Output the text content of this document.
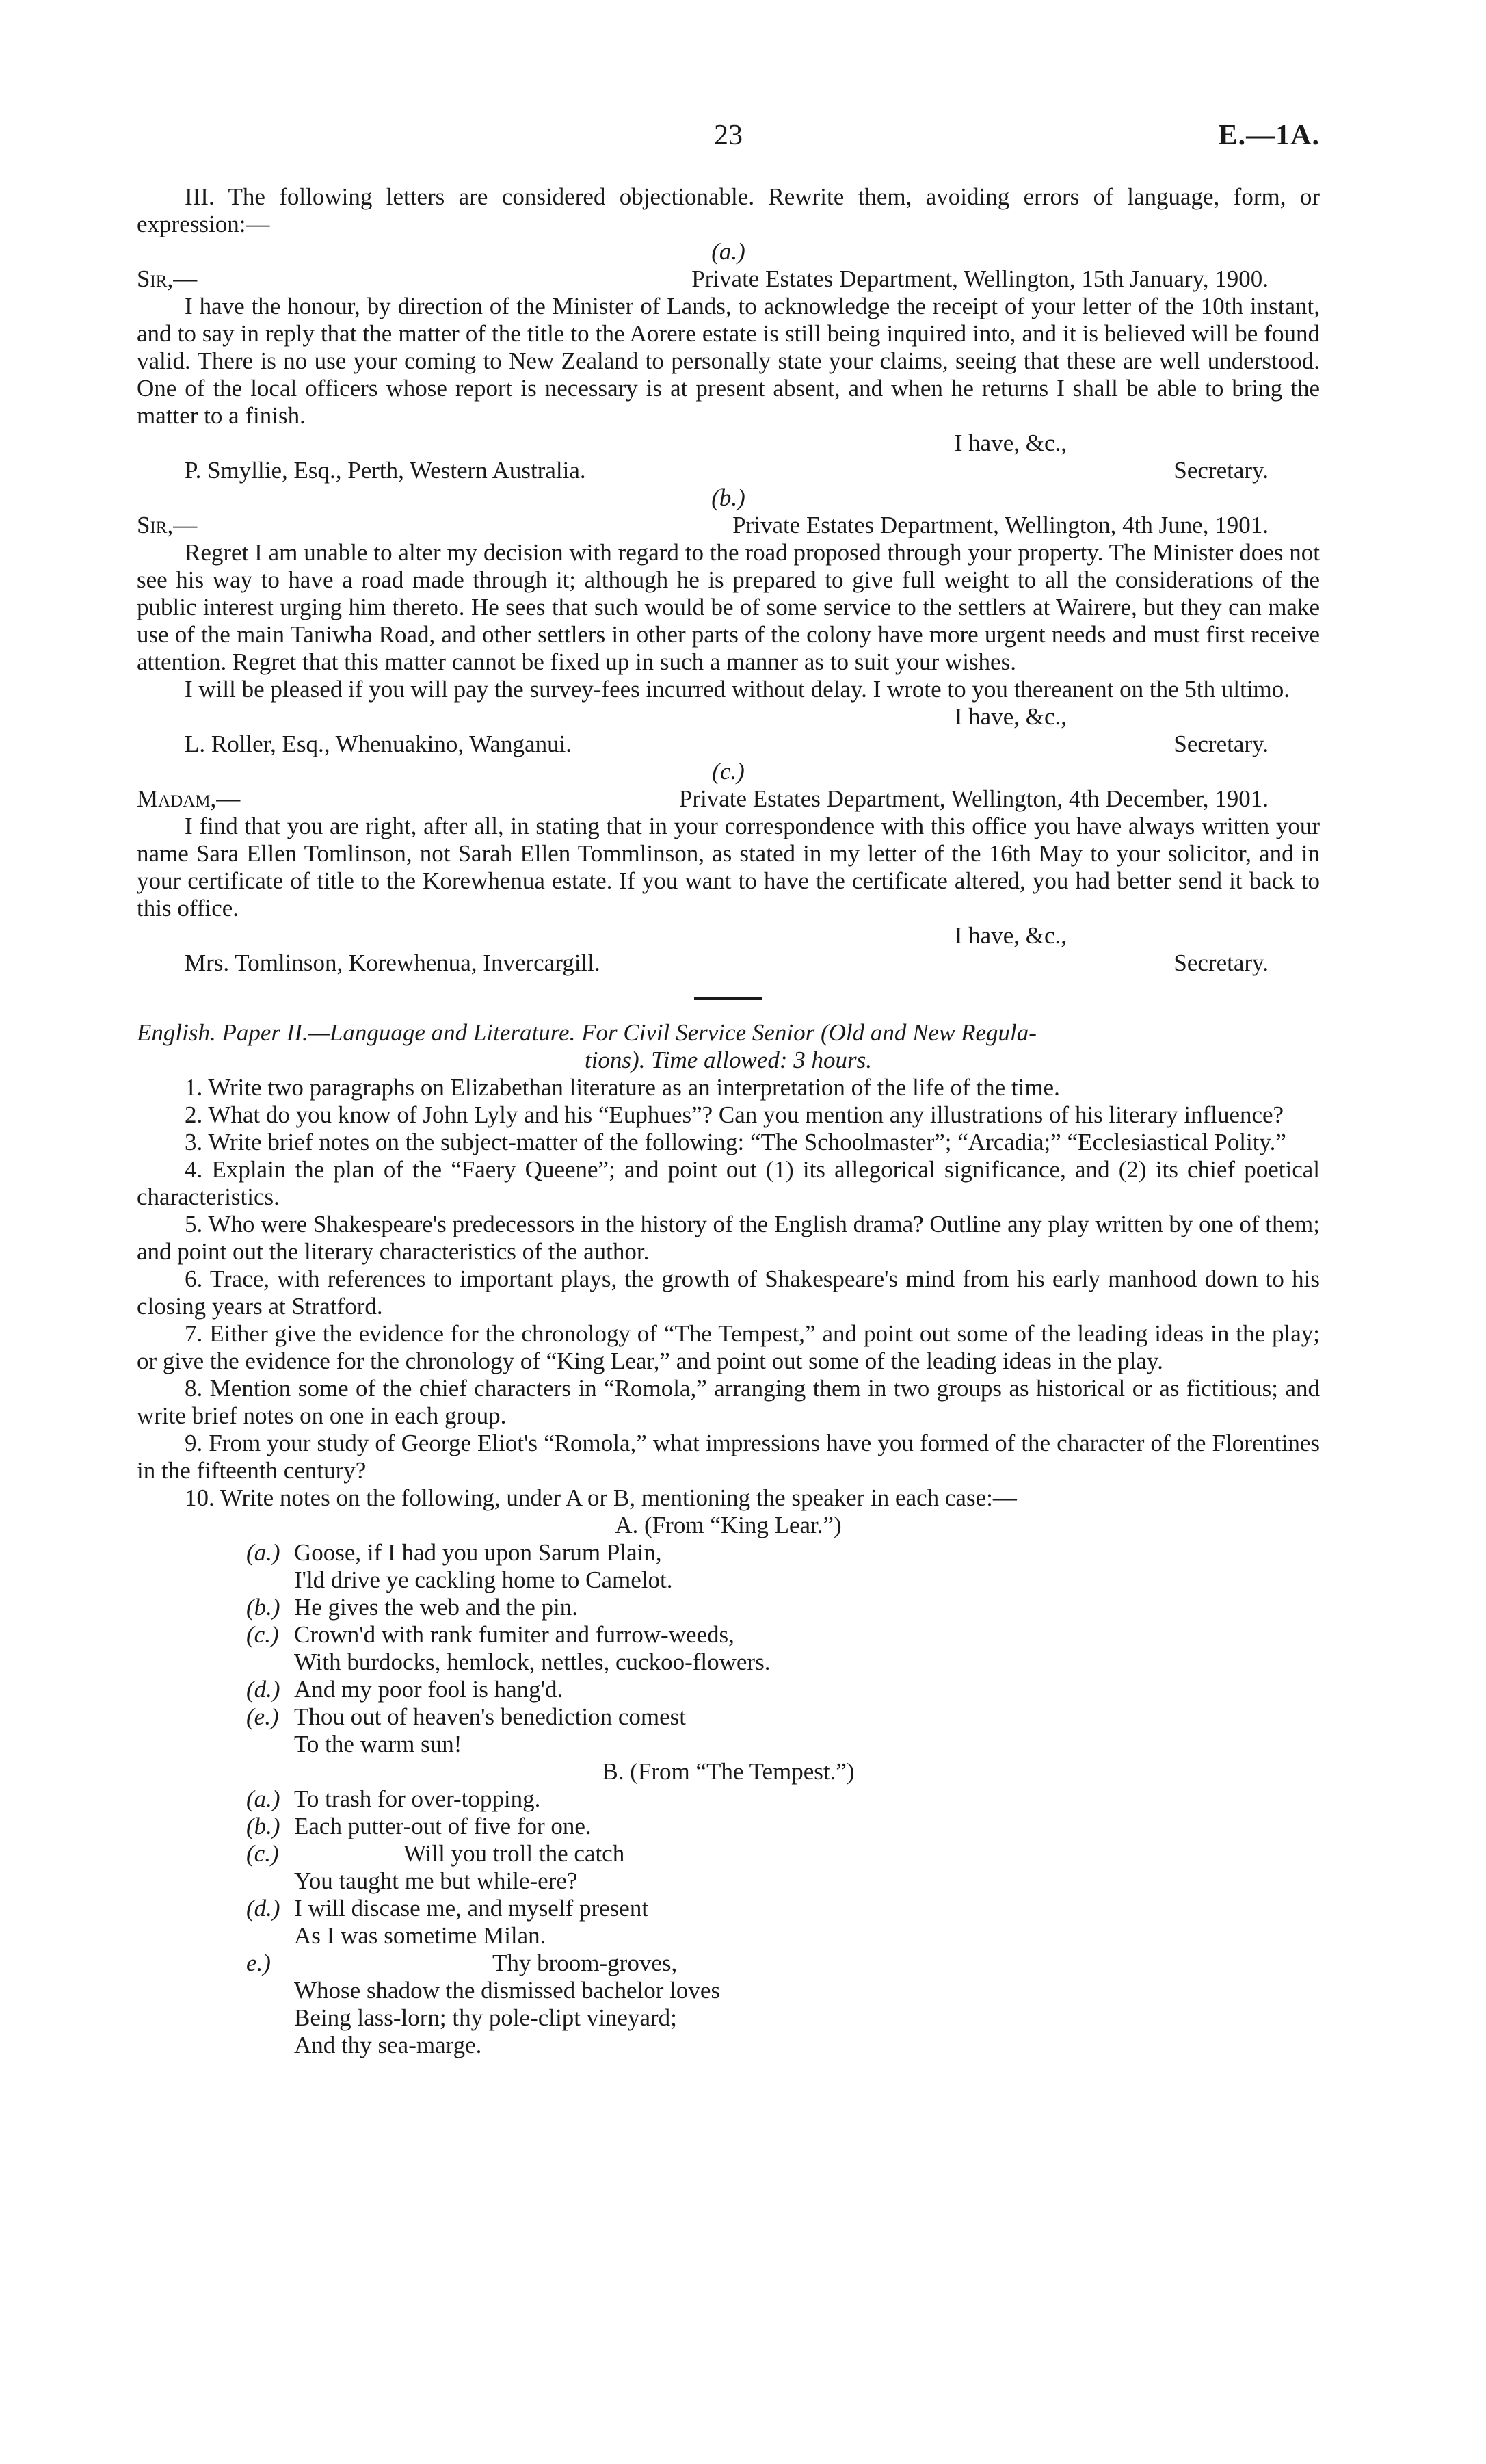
23	E.—1A.

III. The following letters are considered objectionable. Rewrite them, avoiding errors of language, form, or expression:—

(a.)
Sir,—	Private Estates Department, Wellington, 15th January, 1900.

I have the honour, by direction of the Minister of Lands, to acknowledge the receipt of your letter of the 10th instant, and to say in reply that the matter of the title to the Aorere estate is still being inquired into, and it is believed will be found valid. There is no use your coming to New Zealand to personally state your claims, seeing that these are well understood. One of the local officers whose report is necessary is at present absent, and when he returns I shall be able to bring the matter to a finish.

I have, &c.,
P. Smyllie, Esq., Perth, Western Australia.	Secretary.
(b.)
Sir,—	Private Estates Department, Wellington, 4th June, 1901.

Regret I am unable to alter my decision with regard to the road proposed through your property. The Minister does not see his way to have a road made through it; although he is prepared to give full weight to all the considerations of the public interest urging him thereto. He sees that such would be of some service to the settlers at Wairere, but they can make use of the main Taniwha Road, and other settlers in other parts of the colony have more urgent needs and must first receive attention. Regret that this matter cannot be fixed up in such a manner as to suit your wishes.

I will be pleased if you will pay the survey-fees incurred without delay. I wrote to you thereanent on the 5th ultimo.

I have, &c.,
L. Roller, Esq., Whenuakino, Wanganui.	Secretary.
(c.)
Madam,—	Private Estates Department, Wellington, 4th December, 1901.

I find that you are right, after all, in stating that in your correspondence with this office you have always written your name Sara Ellen Tomlinson, not Sarah Ellen Tommlinson, as stated in my letter of the 16th May to your solicitor, and in your certificate of title to the Korewhenua estate. If you want to have the certificate altered, you had better send it back to this office.

I have, &c.,
Mrs. Tomlinson, Korewhenua, Invercargill.	Secretary.
English. Paper II.—Language and Literature. For Civil Service Senior (Old and New Regula-
tions). Time allowed: 3 hours.

1. Write two paragraphs on Elizabethan literature as an interpretation of the life of the time.

2. What do you know of John Lyly and his “Euphues”? Can you mention any illustrations of his literary influence?

3. Write brief notes on the subject-matter of the following: “The Schoolmaster”; “Arcadia;” “Ecclesiastical Polity.”

4. Explain the plan of the “Faery Queene”; and point out (1) its allegorical significance, and (2) its chief poetical characteristics.

5. Who were Shakespeare's predecessors in the history of the English drama? Outline any play written by one of them; and point out the literary characteristics of the author.

6. Trace, with references to important plays, the growth of Shakespeare's mind from his early manhood down to his closing years at Stratford.

7. Either give the evidence for the chronology of “The Tempest,” and point out some of the leading ideas in the play; or give the evidence for the chronology of “King Lear,” and point out some of the leading ideas in the play.

8. Mention some of the chief characters in “Romola,” arranging them in two groups as historical or as fictitious; and write brief notes on one in each group.

9. From your study of George Eliot's “Romola,” what impressions have you formed of the character of the Florentines in the fifteenth century?

10. Write notes on the following, under A or B, mentioning the speaker in each case:—

A. (From “King Lear.”)
(a.) Goose, if I had you upon Sarum Plain,
I'ld drive ye cackling home to Camelot.
(b.) He gives the web and the pin.
(c.) Crown'd with rank fumiter and furrow-weeds,
With burdocks, hemlock, nettles, cuckoo-flowers.
(d.) And my poor fool is hang'd.
(e.) Thou out of heaven's benediction comest
To the warm sun!
B. (From “The Tempest.”)
(a.) To trash for over-topping.
(b.) Each putter-out of five for one.
(c.)	Will you troll the catch
You taught me but while-ere?
(d.) I will discase me, and myself present
As I was sometime Milan.
e.)	Thy broom-groves,
Whose shadow the dismissed bachelor loves
Being lass-lorn; thy pole-clipt vineyard;
And thy sea-marge.
